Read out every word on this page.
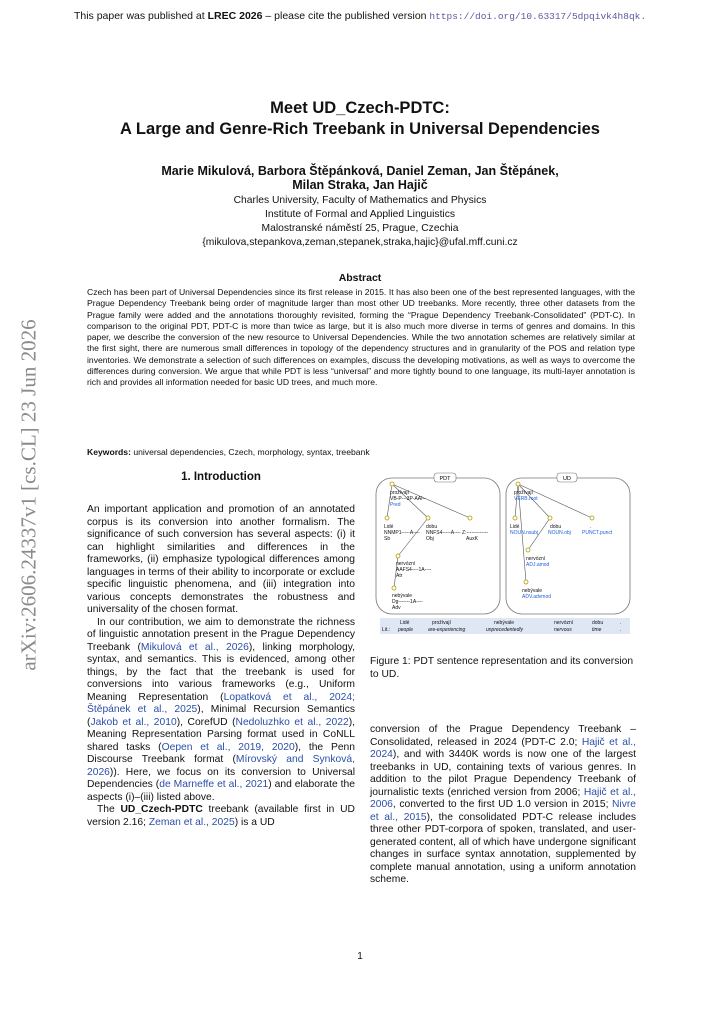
This paper was published at LREC 2026 – please cite the published version https://doi.org/10.63317/5dpqivk4h8qk.
arXiv:2606.24337v1 [cs.CL] 23 Jun 2026
Meet UD_Czech-PDTC:
A Large and Genre-Rich Treebank in Universal Dependencies
Marie Mikulová, Barbora Štěpánková, Daniel Zeman, Jan Štěpánek,
Milan Straka, Jan Hajič
Charles University, Faculty of Mathematics and Physics
Institute of Formal and Applied Linguistics
Malostranské náměstí 25, Prague, Czechia
{mikulova,stepankova,zeman,stepanek,straka,hajic}@ufal.mff.cuni.cz
Abstract
Czech has been part of Universal Dependencies since its first release in 2015. It has also been one of the best represented languages, with the Prague Dependency Treebank being order of magnitude larger than most other UD treebanks. More recently, three other datasets from the Prague family were added and the annotations thoroughly revisited, forming the “Prague Dependency Treebank-Consolidated” (PDT-C). In comparison to the original PDT, PDT-C is more than twice as large, but it is also much more diverse in terms of genres and domains. In this paper, we describe the conversion of the new resource to Universal Dependencies. While the two annotation schemes are relatively similar at the first sight, there are numerous small differences in topology of the dependency structures and in granularity of the POS and relation type inventories. We demonstrate a selection of such differences on examples, discuss the developing motivations, as well as ways to overcome the differences during conversion. We argue that while PDT is less “universal” and more tightly bound to one language, its multi-layer annotation is rich and provides all information needed for basic UD trees, and much more.
Keywords: universal dependencies, Czech, morphology, syntax, treebank
1. Introduction

An important application and promotion of an annotated corpus is its conversion into another formalism. The significance of such conversion has several aspects: (i) it can highlight similarities and differences in the frameworks, (ii) emphasize typological differences among languages in terms of their ability to incorporate or exclude specific linguistic phenomena, and (iii) integration into various concepts demonstrates the robustness and universality of the chosen format.

In our contribution, we aim to demonstrate the richness of linguistic annotation present in the Prague Dependency Treebank (Mikulová et al., 2026), linking morphology, syntax, and semantics. This is evidenced, among other things, by the fact that the treebank is used for conversions into various frameworks (e.g., Uniform Meaning Representation (Lopatková et al., 2024; Štěpánek et al., 2025), Minimal Recursion Semantics (Jakob et al., 2010), CorefUD (Nedoluzhko et al., 2022), Meaning Representation Parsing format used in CoNLL shared tasks (Oepen et al., 2019, 2020), the Penn Discourse Treebank format (Mírovský and Synková, 2026)). Here, we focus on its conversion to Universal Dependencies (de Marneffe et al., 2021) and elaborate the aspects (i)–(iii) listed above.

The UD_Czech-PDTC treebank (available first in UD version 2.16; Zeman et al., 2025) is a UD

PDT	UD
prožívají
VB-P---3P-AAI--
Pred
Lidé
NNMP1-----A----
Sb
dobu
NNFS4-----A----
Obj
Z:-------------
AuxK
nervózní
AAFS4----1A----
Atr
nebývale
Dg-------1A----
Adv
prožívají
VERB.root
Lidé
NOUN.nsubj
dobu
NOUN.obj
.
PUNCT.punct
nervózní
ADJ.amod
nebývale
ADV.advmod
Lidé	prožívají	nebývale	nervózní	dobu	.
Lit.: people	are-experiencing	unprecedentedly	nervous	time	.
Figure 1: PDT sentence representation and its conversion to UD.

conversion of the Prague Dependency Treebank – Consolidated, released in 2024 (PDT-C 2.0; Hajič et al., 2024), and with 3440K words is now one of the largest treebanks in UD, containing texts of various genres. In addition to the pilot Prague Dependency Treebank of journalistic texts (enriched version from 2006; Hajič et al., 2006, converted to the first UD 1.0 version in 2015; Nivre et al., 2015), the consolidated PDT-C release includes three other PDT-corpora of spoken, translated, and user-generated content, all of which have undergone significant changes in surface syntax annotation, supplemented by complete manual annotation, using a uniform annotation scheme.

1
